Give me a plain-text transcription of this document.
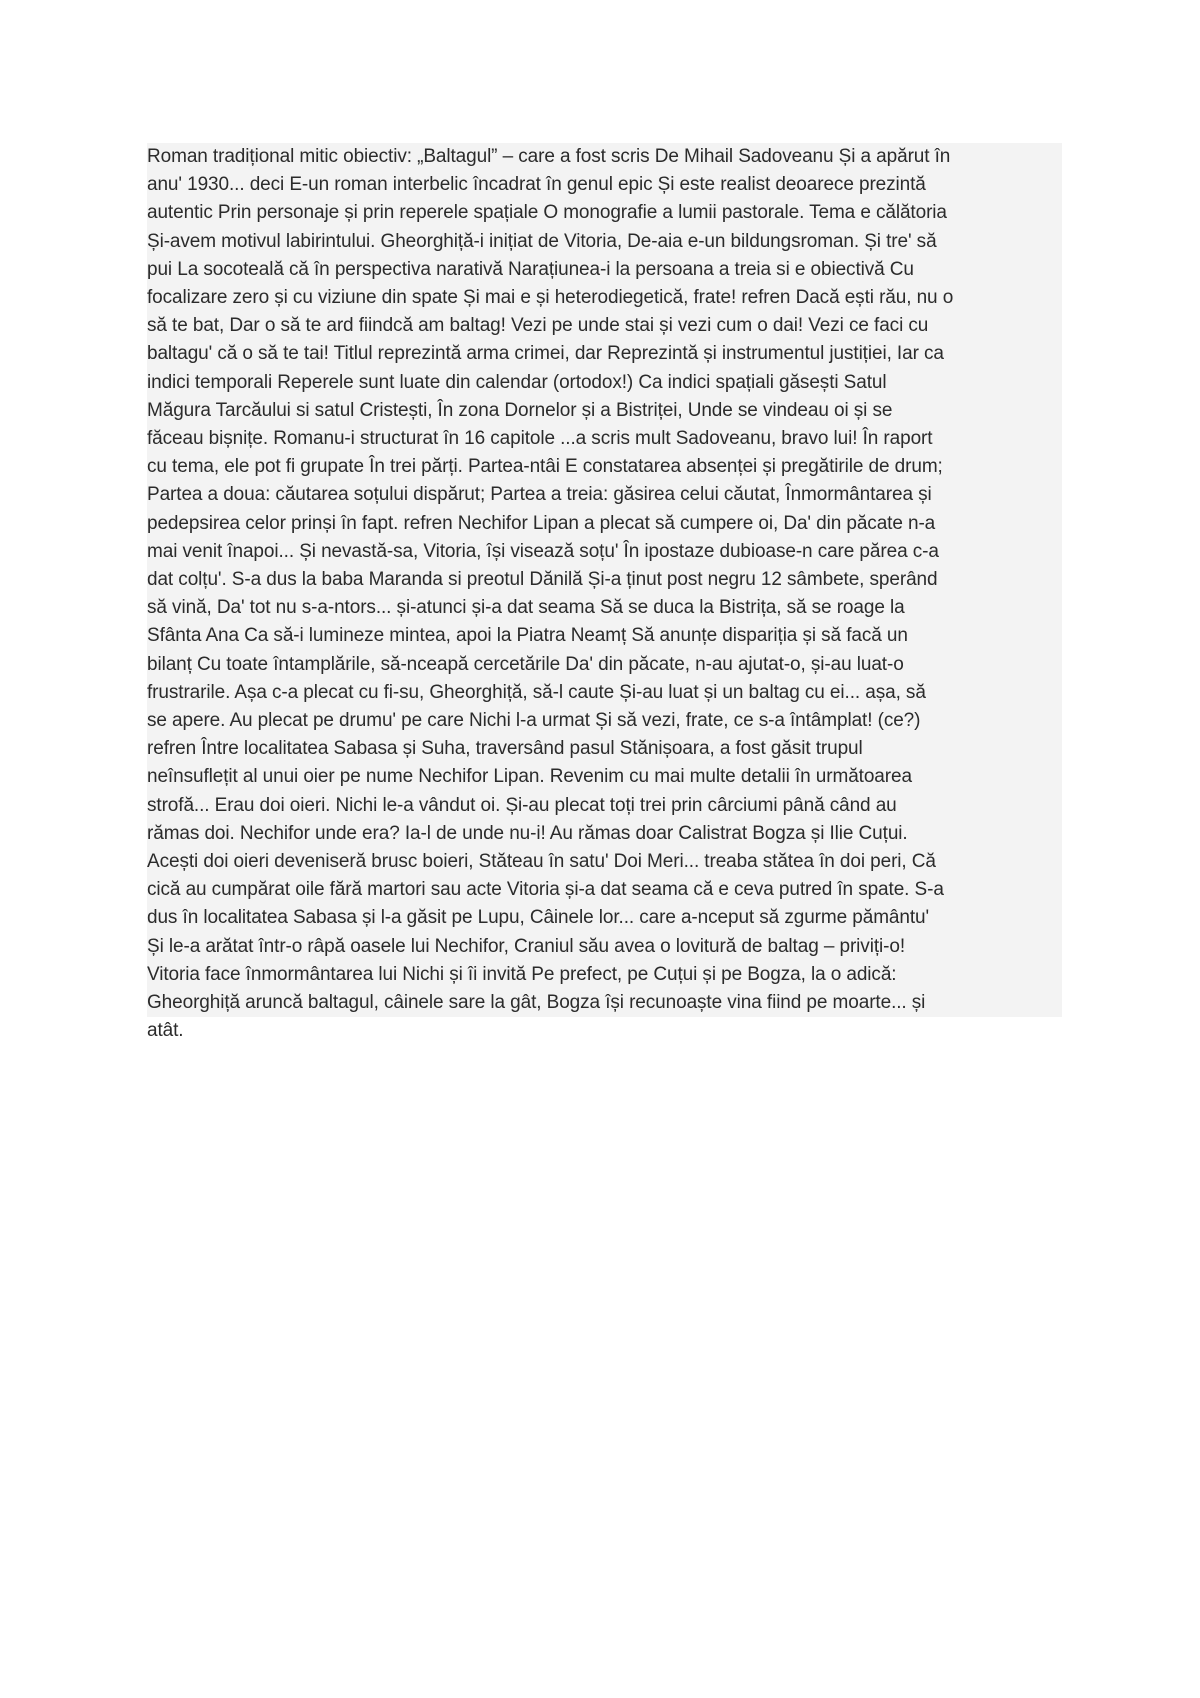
Roman tradițional mitic obiectiv: „Baltagul” – care a fost scris De Mihail Sadoveanu Și a apărut în
anu' 1930... deci E-un roman interbelic încadrat în genul epic Și este realist deoarece prezintă
autentic Prin personaje și prin reperele spațiale O monografie a lumii pastorale. Tema e călătoria
Și-avem motivul labirintului. Gheorghiță-i inițiat de Vitoria, De-aia e-un bildungsroman. Și tre' să
pui La socoteală că în perspectiva narativă Narațiunea-i la persoana a treia si e obiectivă Cu
focalizare zero și cu viziune din spate Și mai e și heterodiegetică, frate! refren Dacă ești rău, nu o
să te bat, Dar o să te ard fiindcă am baltag! Vezi pe unde stai și vezi cum o dai! Vezi ce faci cu
baltagu' că o să te tai! Titlul reprezintă arma crimei, dar Reprezintă și instrumentul justiției, Iar ca
indici temporali Reperele sunt luate din calendar (ortodox!) Ca indici spațiali găsești Satul
Măgura Tarcăului si satul Cristești, În zona Dornelor și a Bistriței, Unde se vindeau oi și se
făceau bișnițe. Romanu-i structurat în 16 capitole ...a scris mult Sadoveanu, bravo lui! În raport
cu tema, ele pot fi grupate În trei părți. Partea-ntâi E constatarea absenței și pregătirile de drum;
Partea a doua: căutarea soțului dispărut; Partea a treia: găsirea celui căutat, Înmormântarea și
pedepsirea celor prinși în fapt. refren Nechifor Lipan a plecat să cumpere oi, Da' din păcate n-a
mai venit înapoi... Și nevastă-sa, Vitoria, își visează soțu' În ipostaze dubioase-n care părea c-a
dat colțu'. S-a dus la baba Maranda si preotul Dănilă Și-a ținut post negru 12 sâmbete, sperând
să vină, Da' tot nu s-a-ntors... și-atunci și-a dat seama Să se duca la Bistrița, să se roage la
Sfânta Ana Ca să-i lumineze mintea, apoi la Piatra Neamț Să anunțe dispariția și să facă un
bilanț Cu toate întamplările, să-nceapă cercetările Da' din păcate, n-au ajutat-o, și-au luat-o
frustrarile. Așa c-a plecat cu fi-su, Gheorghiță, să-l caute Și-au luat și un baltag cu ei... așa, să
se apere. Au plecat pe drumu' pe care Nichi l-a urmat Și să vezi, frate, ce s-a întâmplat! (ce?)
refren Între localitatea Sabasa și Suha, traversând pasul Stănișoara, a fost găsit trupul
neînsuflețit al unui oier pe nume Nechifor Lipan. Revenim cu mai multe detalii în următoarea
strofă... Erau doi oieri. Nichi le-a vândut oi. Și-au plecat toți trei prin cârciumi până când au
rămas doi. Nechifor unde era? Ia-l de unde nu-i! Au rămas doar Calistrat Bogza și Ilie Cuțui.
Acești doi oieri deveniseră brusc boieri, Stăteau în satu' Doi Meri... treaba stătea în doi peri, Că
cică au cumpărat oile fără martori sau acte Vitoria și-a dat seama că e ceva putred în spate. S-a
dus în localitatea Sabasa și l-a găsit pe Lupu, Câinele lor... care a-nceput să zgurme pământu'
Și le-a arătat într-o râpă oasele lui Nechifor, Craniul său avea o lovitură de baltag – priviți-o!
Vitoria face înmormântarea lui Nichi și îi invită Pe prefect, pe Cuțui și pe Bogza, la o adică:
Gheorghiță aruncă baltagul, câinele sare la gât, Bogza își recunoaște vina fiind pe moarte... și
atât.
